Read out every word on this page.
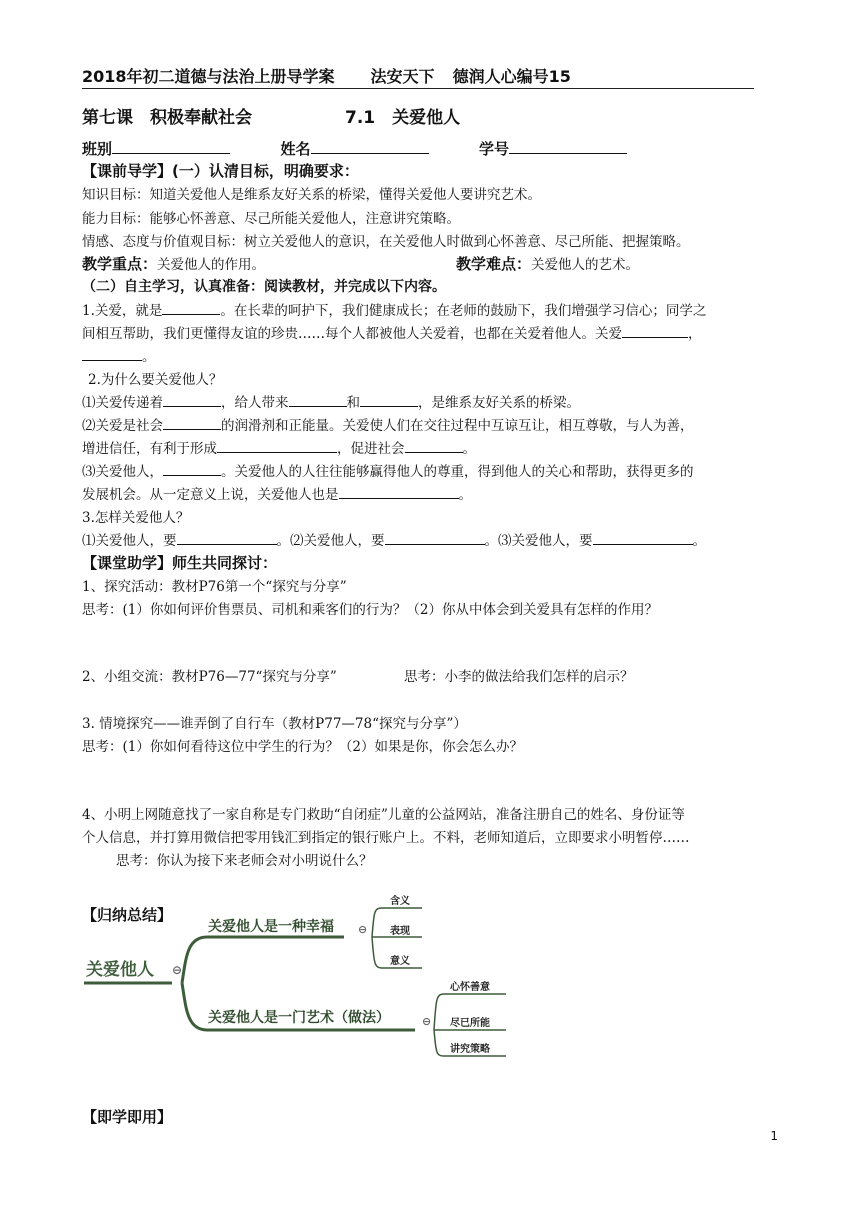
2018年初二道德与法治上册导学案 法安天下 德润人心编号15
第七课　积极奉献社会	7.1　关爱他人
班别	姓名	学号
【课前导学】(一）认清目标，明确要求：
知识目标：知道关爱他人是维系友好关系的桥梁，懂得关爱他人要讲究艺术。
能力目标：能够心怀善意、尽己所能关爱他人，注意讲究策略。
情感、态度与价值观目标：树立关爱他人的意识，在关爱他人时做到心怀善意、尽己所能、把握策略。
教学重点：关爱他人的作用。	教学难点：关爱他人的艺术。
（二）自主学习，认真准备：阅读教材，并完成以下内容。
1.关爱，就是	。在长辈的呵护下，我们健康成长；在老师的鼓励下，我们增强学习信心；同学之
间相互帮助，我们更懂得友谊的珍贵……每个人都被他人关爱着，也都在关爱着他人。关爱	，
。
2.为什么要关爱他人？
⑴关爱传递着	，给人带来	和	，是维系友好关系的桥梁。
⑵关爱是社会	的润滑剂和正能量。关爱使人们在交往过程中互谅互让，相互尊敬，与人为善，
增进信任，有利于形成	，促进社会	。
⑶关爱他人，	。关爱他人的人往往能够赢得他人的尊重，得到他人的关心和帮助，获得更多的
发展机会。从一定意义上说，关爱他人也是	。
3.怎样关爱他人？
⑴关爱他人，要	。⑵关爱他人，要	。⑶关爱他人，要	。
【课堂助学】师生共同探讨：
1、探究活动：教材P76第一个“探究与分享”
思考：(1）你如何评价售票员、司机和乘客们的行为？（2）你从中体会到关爱具有怎样的作用？
2、小组交流：教材P76—77“探究与分享”	思考：小李的做法给我们怎样的启示？
3. 情境探究——谁弄倒了自行车（教材P77—78“探究与分享”）
思考：(1）你如何看待这位中学生的行为？（2）如果是你，你会怎么办？
4、小明上网随意找了一家自称是专门救助“自闭症”儿童的公益网站，准备注册自己的姓名、身份证等
个人信息，并打算用微信把零用钱汇到指定的银行账户上。不料，老师知道后，立即要求小明暂停……
思考：你认为接下来老师会对小明说什么？
【归纳总结】
关爱他人 ⊖
关爱他人是一种幸福
关爱他人是一门艺术（做法）
⊖
⊖
含义
表现
意义
心怀善意
尽已所能
讲究策略
【即学即用】
1
